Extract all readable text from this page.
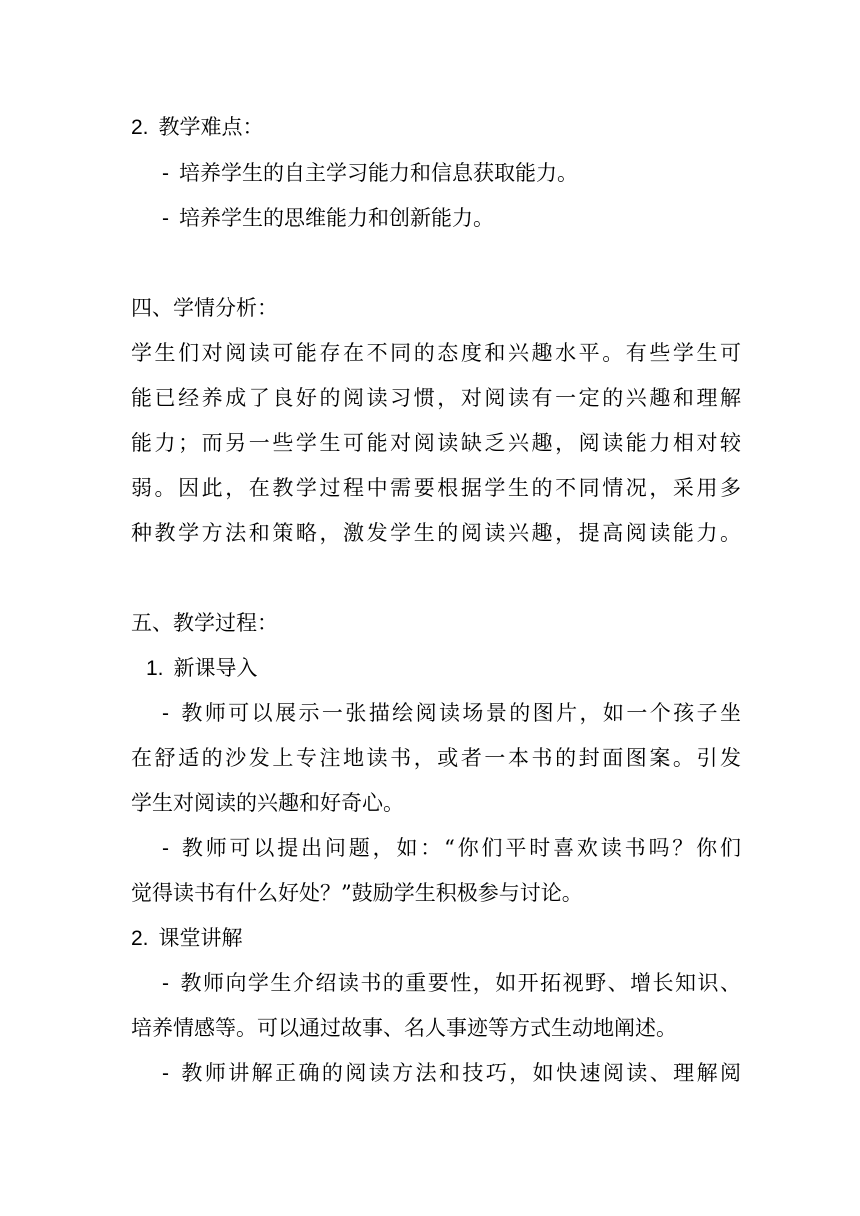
2. 教学难点：
- 培养学生的自主学习能力和信息获取能力。
- 培养学生的思维能力和创新能力。
四、学情分析：
学生们对阅读可能存在不同的态度和兴趣水平。有些学生可
能已经养成了良好的阅读习惯，对阅读有一定的兴趣和理解
能力；而另一些学生可能对阅读缺乏兴趣，阅读能力相对较
弱。因此，在教学过程中需要根据学生的不同情况，采用多
种教学方法和策略，激发学生的阅读兴趣，提高阅读能力。
五、教学过程：
1. 新课导入
- 教师可以展示一张描绘阅读场景的图片，如一个孩子坐
在舒适的沙发上专注地读书，或者一本书的封面图案。引发
学生对阅读的兴趣和好奇心。
- 教师可以提出问题，如：“你们平时喜欢读书吗？你们
觉得读书有什么好处？”鼓励学生积极参与讨论。
2. 课堂讲解
- 教师向学生介绍读书的重要性，如开拓视野、增长知识、
培养情感等。可以通过故事、名人事迹等方式生动地阐述。
- 教师讲解正确的阅读方法和技巧，如快速阅读、理解阅
